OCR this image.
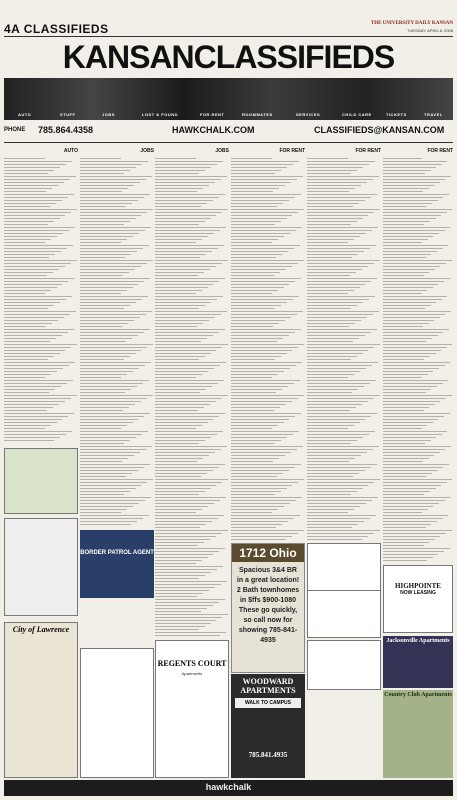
4A CLASSIFIEDS	THE UNIVERSITY DAILY KANSAN
TUESDAY, APRIL 8, 2008
KANSANCLASSIFIEDS
AUTO	STUFF	JOBS	LOST & FOUND	FOR RENT	ROOMMATES	SERVICES	CHILD CARE	TICKETS	TRAVEL
PHONE 785.864.4358	HAWKCHALK.COM	CLASSIFIEDS@KANSAN.COM
AUTO	JOBS	JOBS	FOR RENT	FOR RENT	FOR RENT
City of Lawrence
BORDER PATROL AGENT
REGENTS COURT
Apartments
1712 Ohio
Spacious 3&4 BR in a great location! 2 Bath townhomes in $ffs $900-1080 These go quickly, so call now for showing 785-841-4935
WOODWARD APARTMENTS
WALK TO CAMPUS
785.841.4935
HIGHPOINTE
NOW LEASING
Jacksonville Apartments
Country Club Apartments
hawkchalk
